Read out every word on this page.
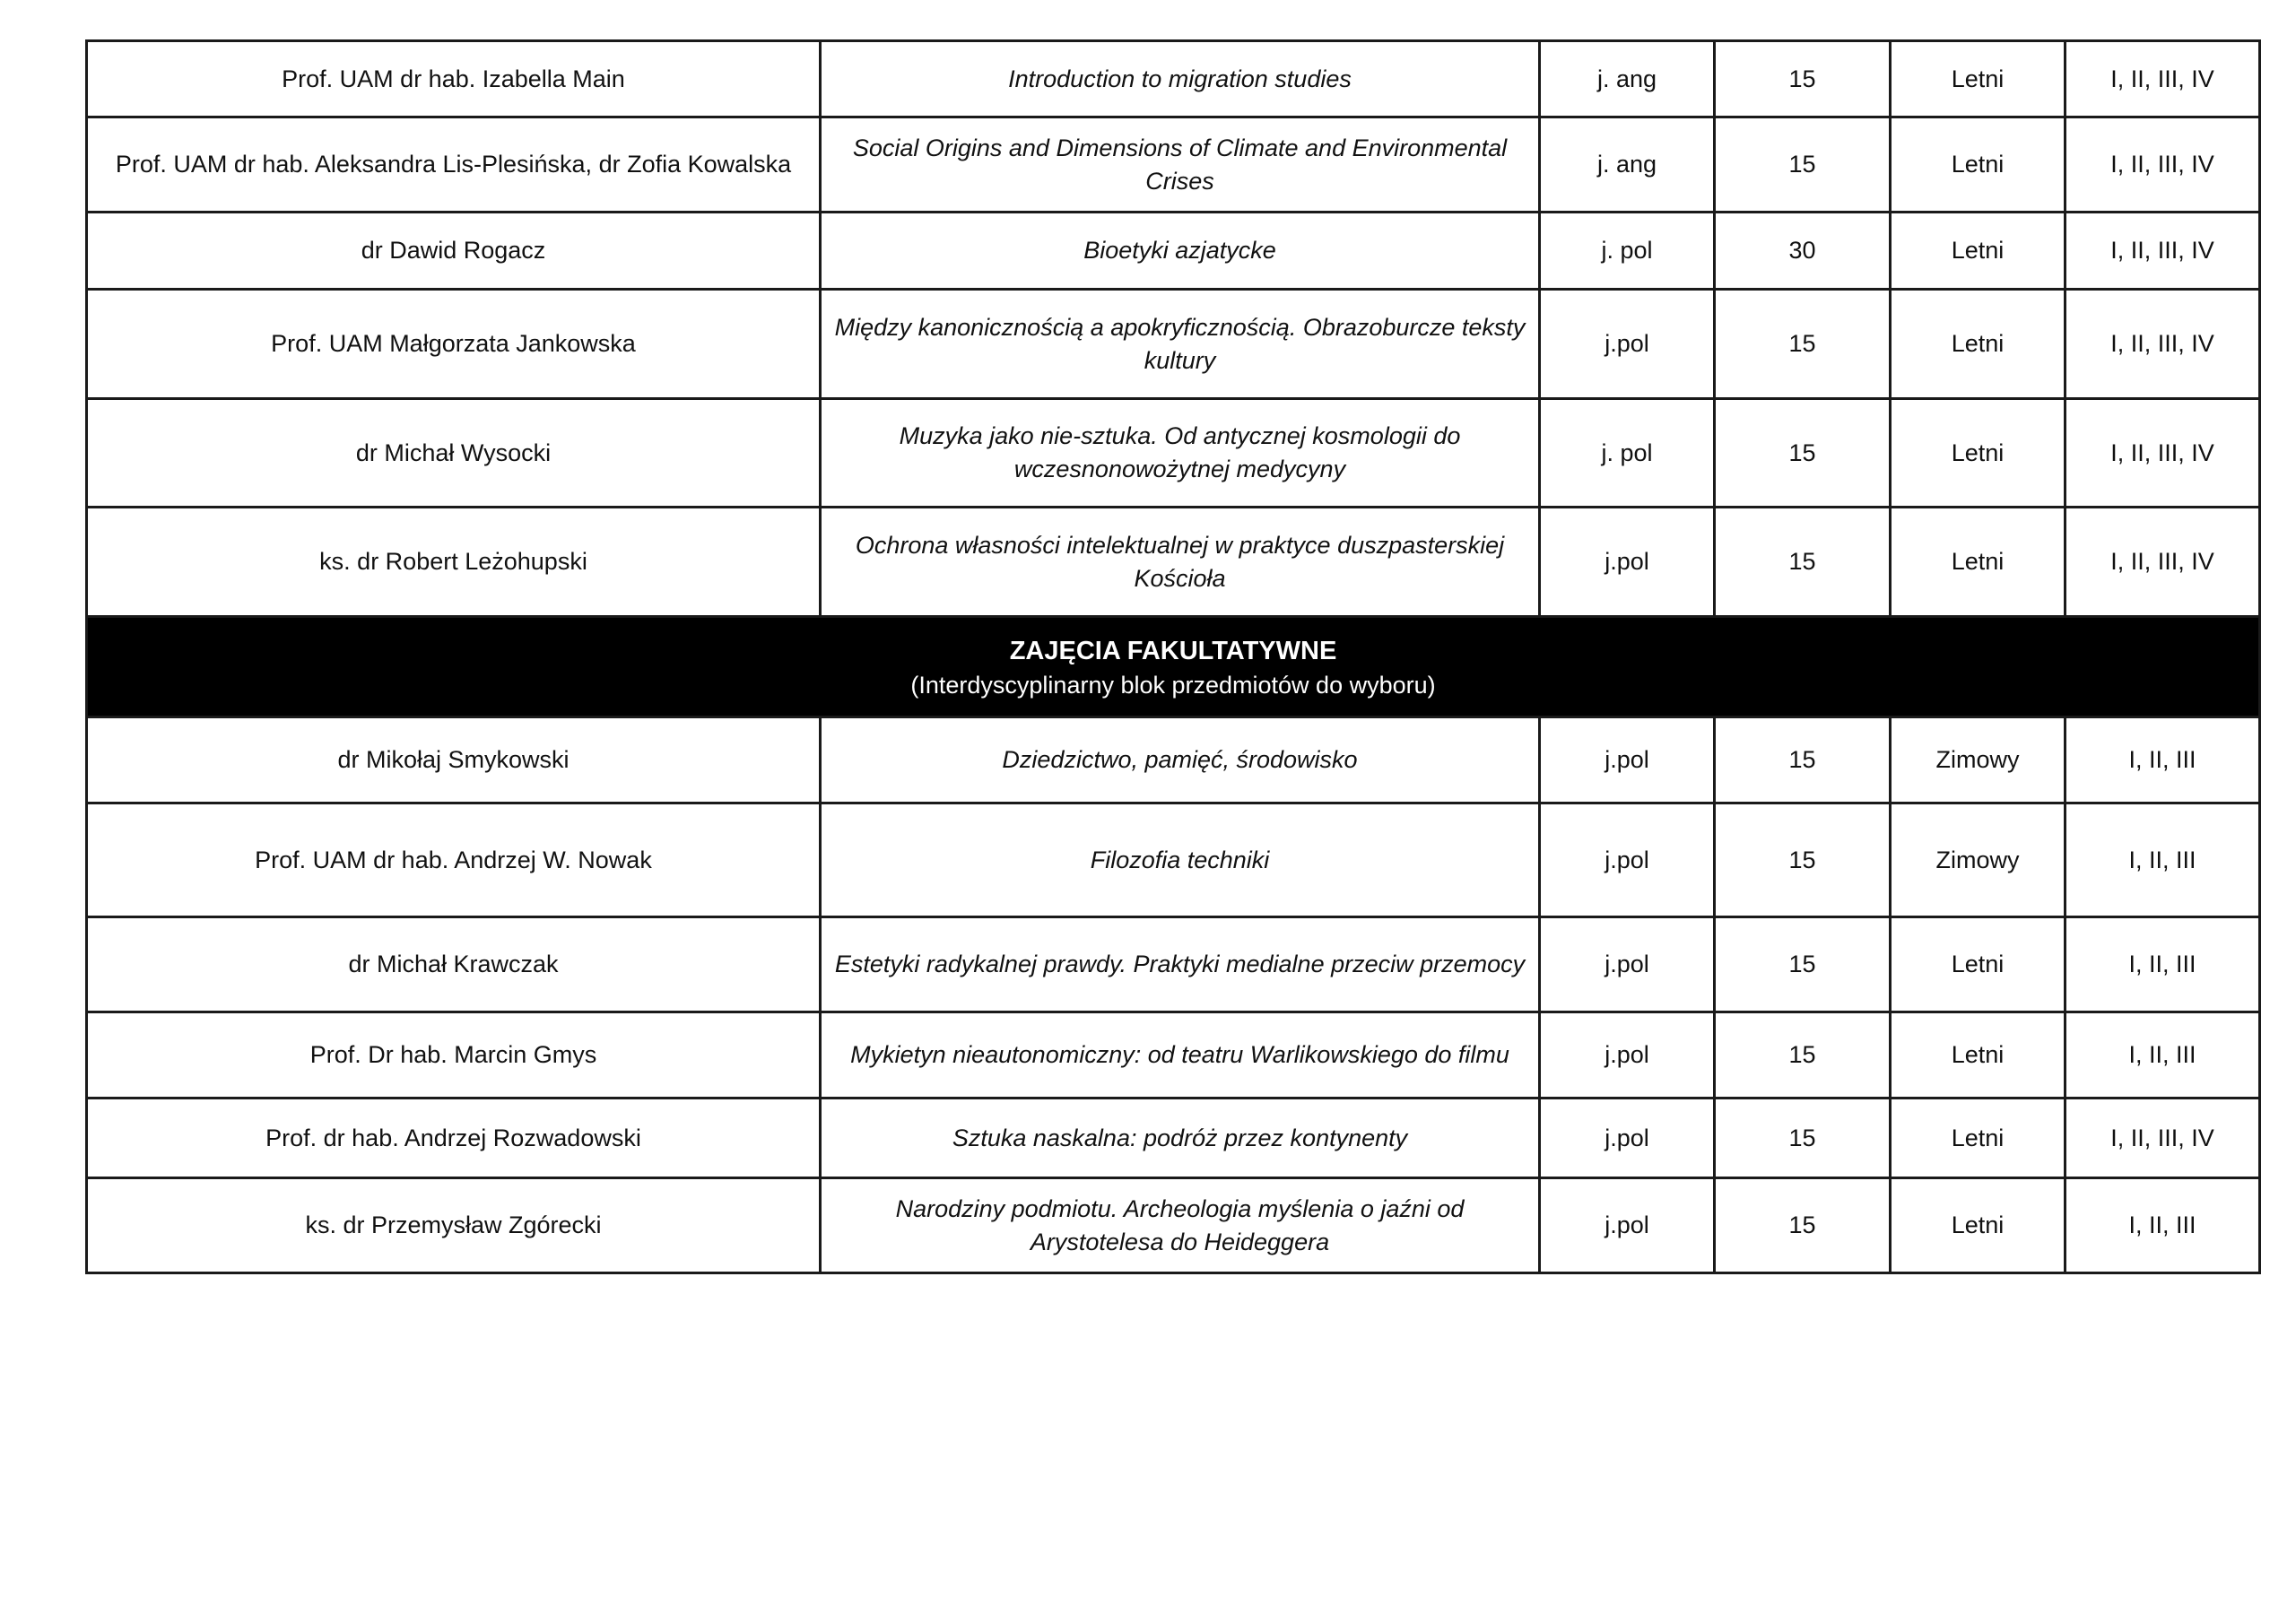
Prof. UAM dr hab. Izabella Main	Introduction to migration studies	j. ang	15	Letni	I, II, III, IV
Prof. UAM dr hab. Aleksandra Lis-Plesińska, dr Zofia Kowalska	Social Origins and Dimensions of Climate and Environmental Crises	j. ang	15	Letni	I, II, III, IV
dr Dawid Rogacz	Bioetyki azjatycke	j. pol	30	Letni	I, II, III, IV
Prof. UAM Małgorzata Jankowska	Między kanonicznością a apokryficznością. Obrazoburcze teksty kultury	j.pol	15	Letni	I, II, III, IV
dr Michał Wysocki	Muzyka jako nie-sztuka. Od antycznej kosmologii do wczesnonowożytnej medycyny	j. pol	15	Letni	I, II, III, IV
ks. dr Robert Leżohupski	Ochrona własności intelektualnej w praktyce duszpasterskiej Kościoła	j.pol	15	Letni	I, II, III, IV

ZAJĘCIA FAKULTATYWNE
(Interdyscyplinarny blok przedmiotów do wyboru)					

dr Mikołaj Smykowski	Dziedzictwo, pamięć, środowisko	j.pol	15	Zimowy	I, II, III
Prof. UAM dr hab. Andrzej W. Nowak	Filozofia techniki	j.pol	15	Zimowy	I, II, III
dr Michał Krawczak	Estetyki radykalnej prawdy. Praktyki medialne przeciw przemocy	j.pol	15	Letni	I, II, III
Prof. Dr hab. Marcin Gmys	Mykietyn nieautonomiczny: od teatru Warlikowskiego do filmu	j.pol	15	Letni	I, II, III
Prof. dr hab. Andrzej Rozwadowski	Sztuka naskalna: podróż przez kontynenty	j.pol	15	Letni	I, II, III, IV
ks. dr Przemysław Zgórecki	Narodziny podmiotu. Archeologia myślenia o jaźni od Arystotelesa do Heideggera	j.pol	15	Letni	I, II, III
